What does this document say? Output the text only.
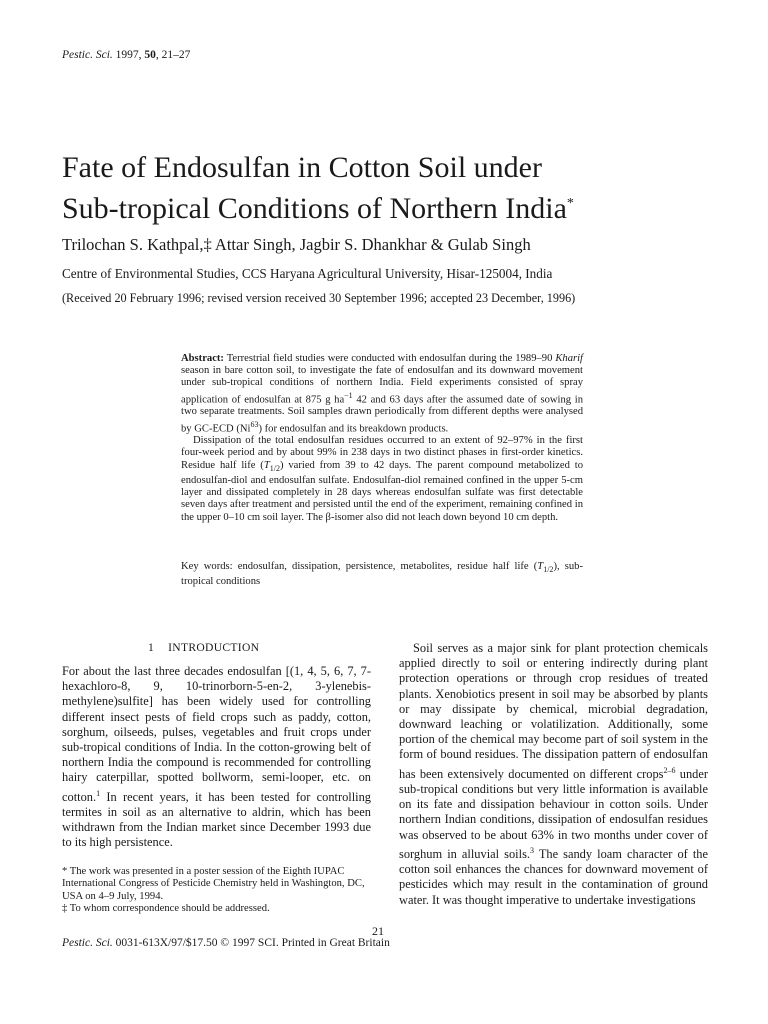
Pestic. Sci. 1997, 50, 21–27
Fate of Endosulfan in Cotton Soil under
Sub-tropical Conditions of Northern India*
Trilochan S. Kathpal,‡ Attar Singh, Jagbir S. Dhankhar & Gulab Singh
Centre of Environmental Studies, CCS Haryana Agricultural University, Hisar-125004, India
(Received 20 February 1996; revised version received 30 September 1996; accepted 23 December, 1996)

Abstract: Terrestrial field studies were conducted with endosulfan during the 1989–90 Kharif season in bare cotton soil, to investigate the fate of endosulfan and its downward movement under sub-tropical conditions of northern India. Field experiments consisted of spray application of endosulfan at 875 g $ha^{-1}$ 42 and 63 days after the assumed date of sowing in two separate treatments. Soil samples drawn periodically from different depths were analysed by GC-ECD (Ni$^{63}$) for endosulfan and its breakdown products.

Dissipation of the total endosulfan residues occurred to an extent of 92–97% in the first four-week period and by about 99% in 238 days in two distinct phases in first-order kinetics. Residue half life $(T_{1/2})$ varied from 39 to 42 days. The parent compound metabolized to endosulfan-diol and endosulfan sulfate. Endosulfan-diol remained confined in the upper 5-cm layer and dissipated completely in 28 days whereas endosulfan sulfate was first detectable seven days after treatment and persisted until the end of the experiment, remaining confined in the upper 0–10 cm soil layer. The β-isomer also did not leach down beyond 10 cm depth.

Key words: endosulfan, dissipation, persistence, metabolites, residue half life $(T_{1/2})$, sub-tropical conditions
1 INTRODUCTION

For about the last three decades endosulfan [(1, 4, 5, 6, 7, 7-hexachloro-8, 9, 10-trinorborn-5-en-2, 3-ylenebis-methylene)sulfite] has been widely used for controlling different insect pests of field crops such as paddy, cotton, sorghum, oilseeds, pulses, vegetables and fruit crops under sub-tropical conditions of India. In the cotton-growing belt of northern India the compound is recommended for controlling hairy caterpillar, spotted bollworm, semi-looper, etc. on cotton.$^1$ In recent years, it has been tested for controlling termites in soil as an alternative to aldrin, which has been withdrawn from the Indian market since December 1993 due to its high persistence.

* The work was presented in a poster session of the Eighth IUPAC International Congress of Pesticide Chemistry held in Washington, DC, USA on 4–9 July, 1994.

‡ To whom correspondence should be addressed.

Soil serves as a major sink for plant protection chemicals applied directly to soil or entering indirectly during plant protection operations or through crop residues of treated plants. Xenobiotics present in soil may be absorbed by plants or may dissipate by chemical, microbial degradation, downward leaching or volatilization. Additionally, some portion of the chemical may become part of soil system in the form of bound residues. The dissipation pattern of endosulfan has been extensively documented on different crops$^{2-6}$ under sub-tropical conditions but very little information is available on its fate and dissipation behaviour in cotton soils. Under northern Indian conditions, dissipation of endosulfan residues was observed to be about 63% in two months under cover of sorghum in alluvial soils.$^3$ The sandy loam character of the cotton soil enhances the chances for downward movement of pesticides which may result in the contamination of ground water. It was thought imperative to undertake investigations

21
Pestic. Sci. 0031-613X/97/$17.50 © 1997 SCI. Printed in Great Britain
